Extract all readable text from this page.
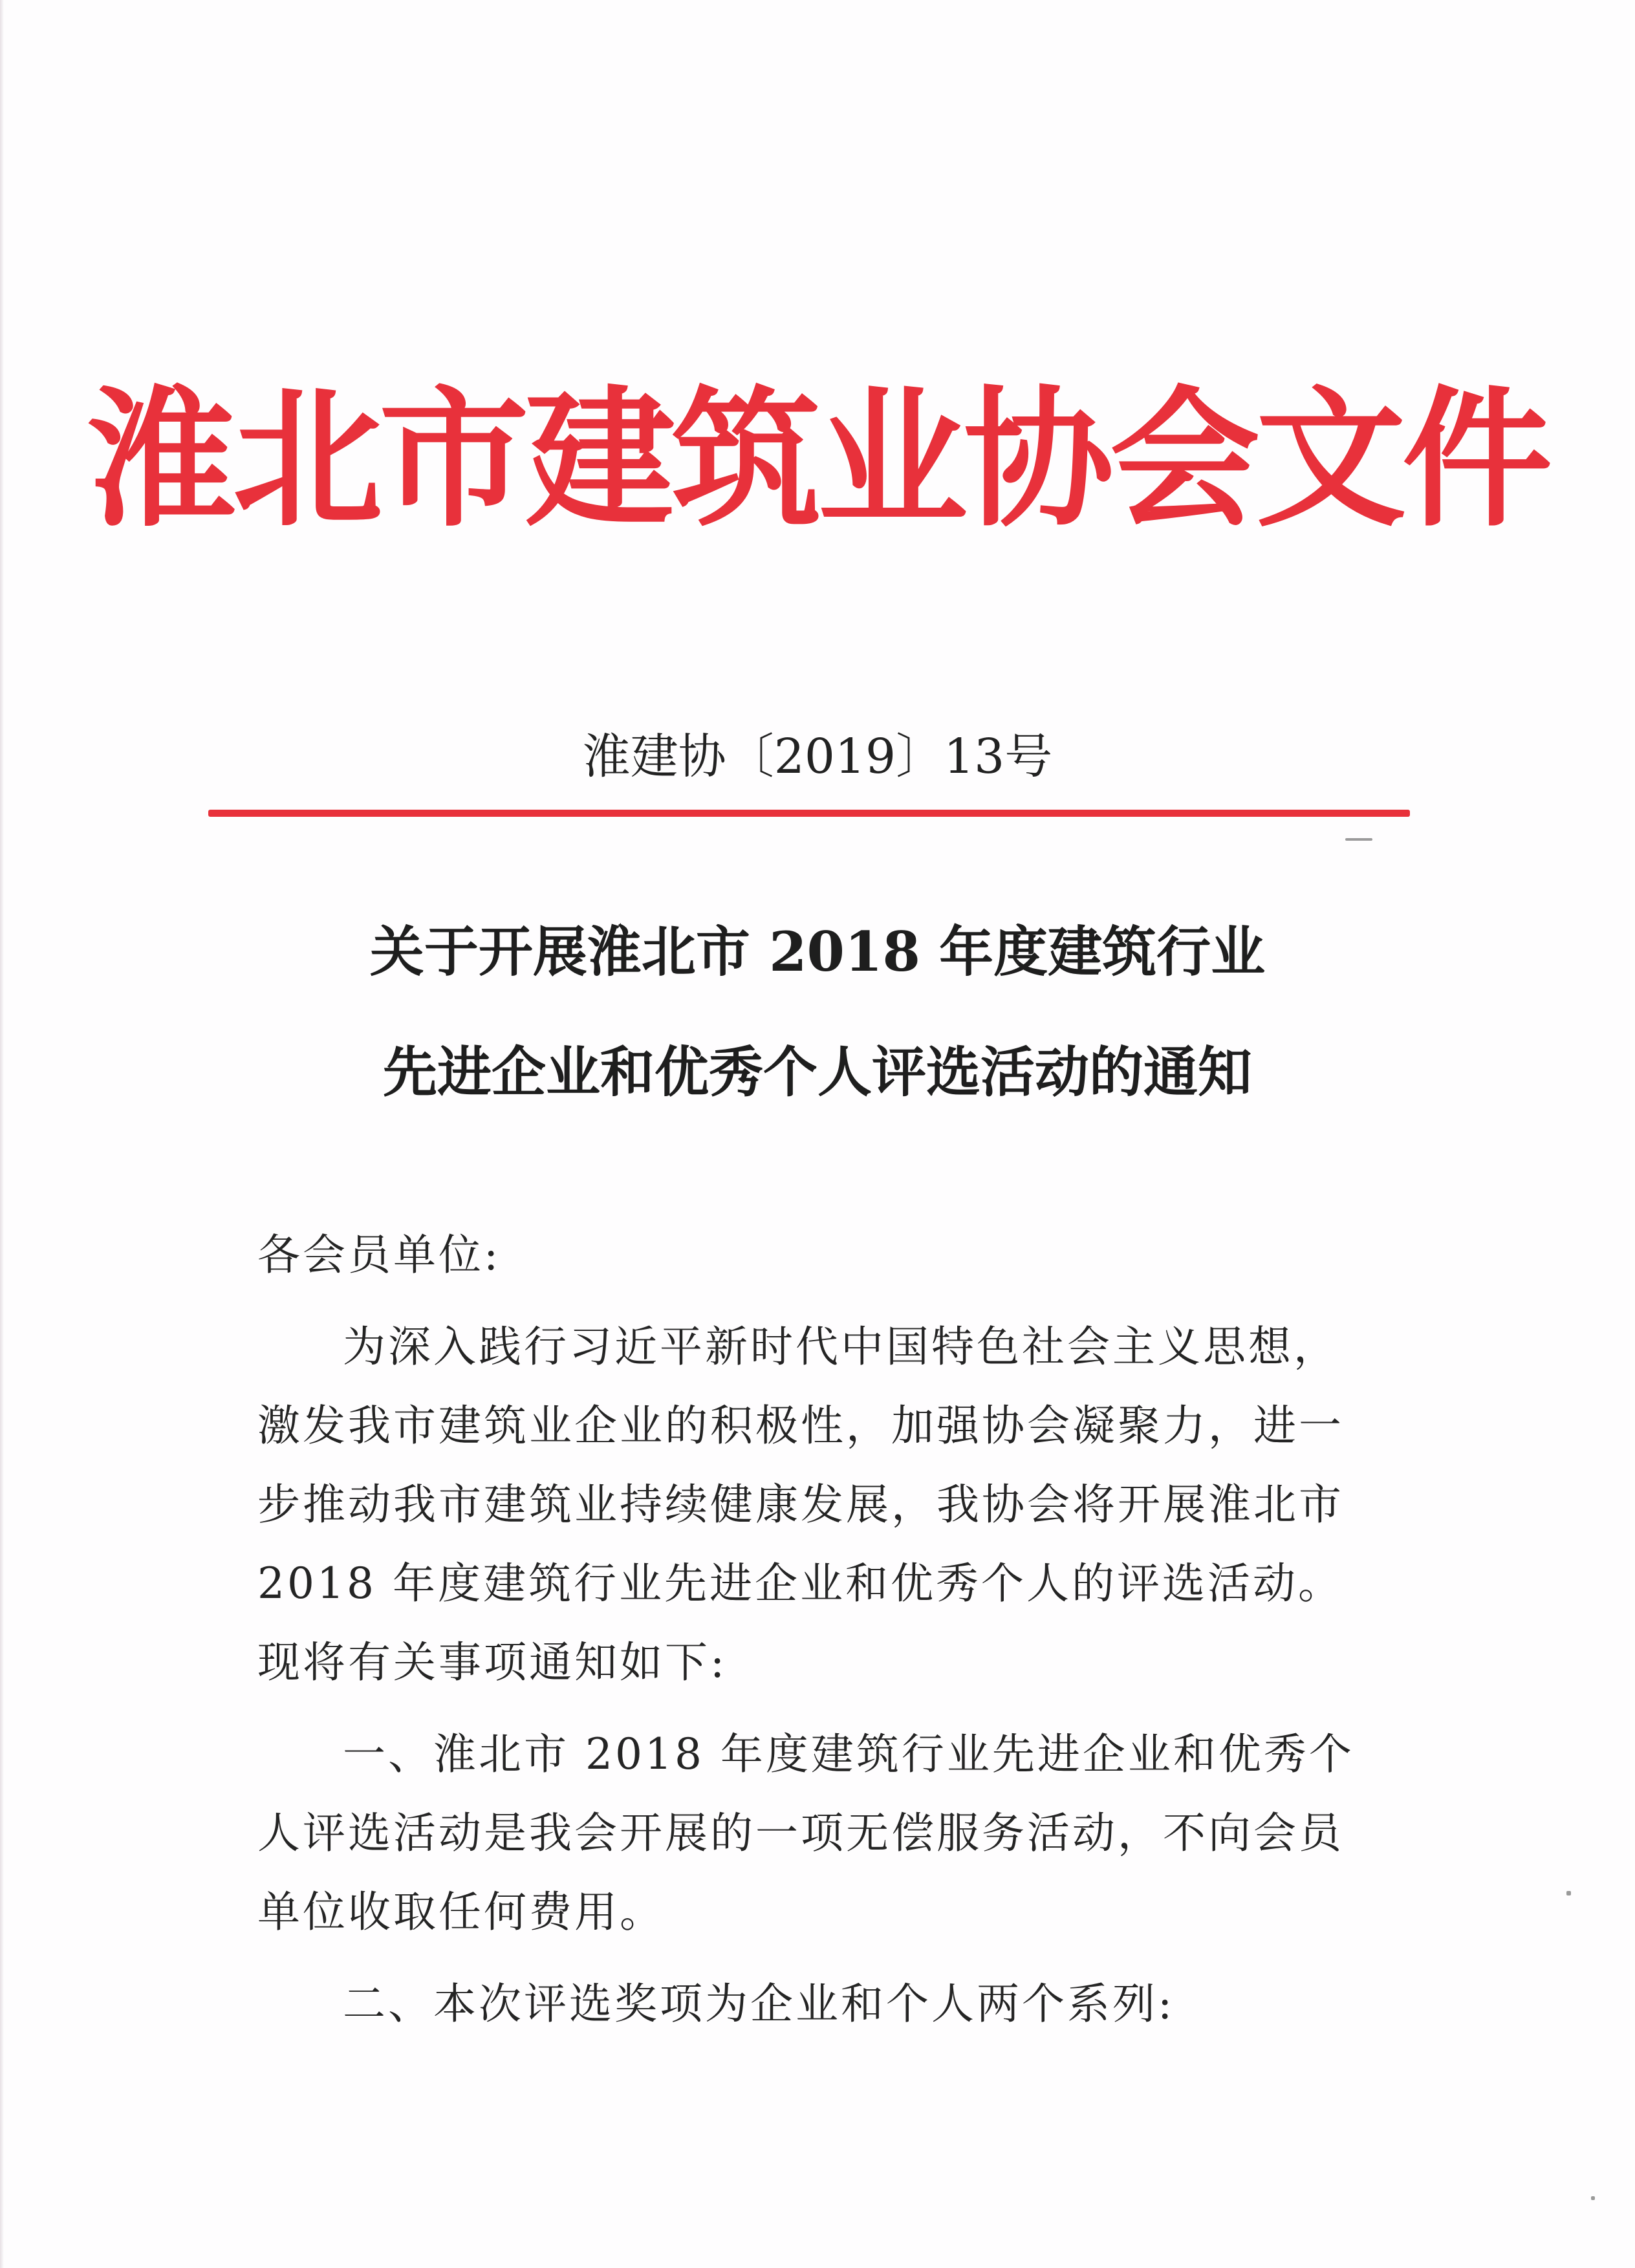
淮北市建筑业协会文件
淮建协〔2019〕13号
关于开展淮北市 2018 年度建筑行业
先进企业和优秀个人评选活动的通知

各会员单位:

为深入践行习近平新时代中国特色社会主义思想，激发我市建筑业企业的积极性，加强协会凝聚力，进一步推动我市建筑业持续健康发展，我协会将开展淮北市 2018 年度建筑行业先进企业和优秀个人的评选活动。现将有关事项通知如下:

一、淮北市 2018 年度建筑行业先进企业和优秀个人评选活动是我会开展的一项无偿服务活动，不向会员单位收取任何费用。

二、本次评选奖项为企业和个人两个系列:
